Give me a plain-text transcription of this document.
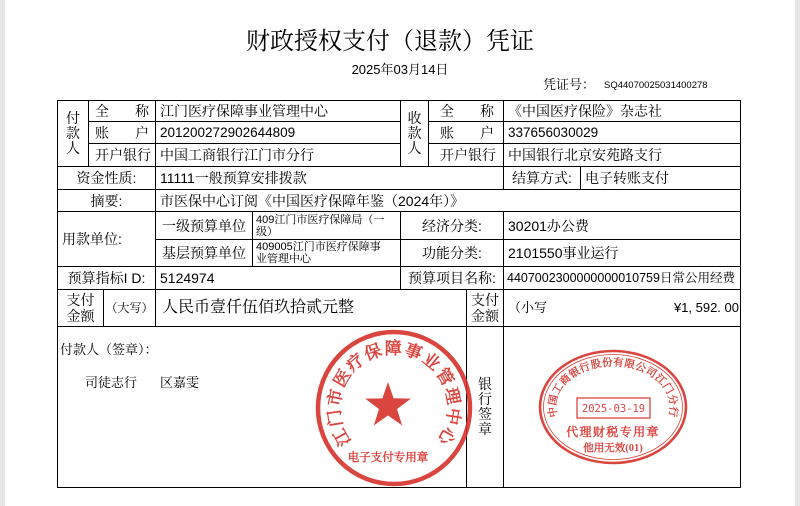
财政授权支付（退款）凭证
2025年03月14日
凭证号： SQ44070025031400278
付款人
全 称 江门医疗保障事业管理中心
账 户 201200272902644809
开户银行 中国工商银行江门市分行
收款人
全 称	《中国医疗保险》杂志社
账 户	337656030029
开户银行 中国银行北京安苑路支行
资金性质:	11111一般预算安排拨款	结算方式: 电子转账支付
摘要:	市医保中心订阅《中国医疗保障年鉴（2024年）》
用款单位:
一级预算单位 409江门市医疗保障局（一级）	经济分类:	30201办公费
基层预算单位 409005江门市医疗保障事业管理中心	功能分类:	2101550事业运行
预算指标I D:	5124974	预算项目名称: 4407002300000000010759日常公用经费
支付金额 （大写） 人民币壹仟伍佰玖拾贰元整	支付金额
（小写	¥1, 592. 00
付款人（签章）：
司徒志行 区嘉雯	银行签章
江门市医疗保障事业管理中心
电子支付专用章
中国工商银行股份有限公司江门分行
2025-03-19
代理财税专用章
他用无效(01)
